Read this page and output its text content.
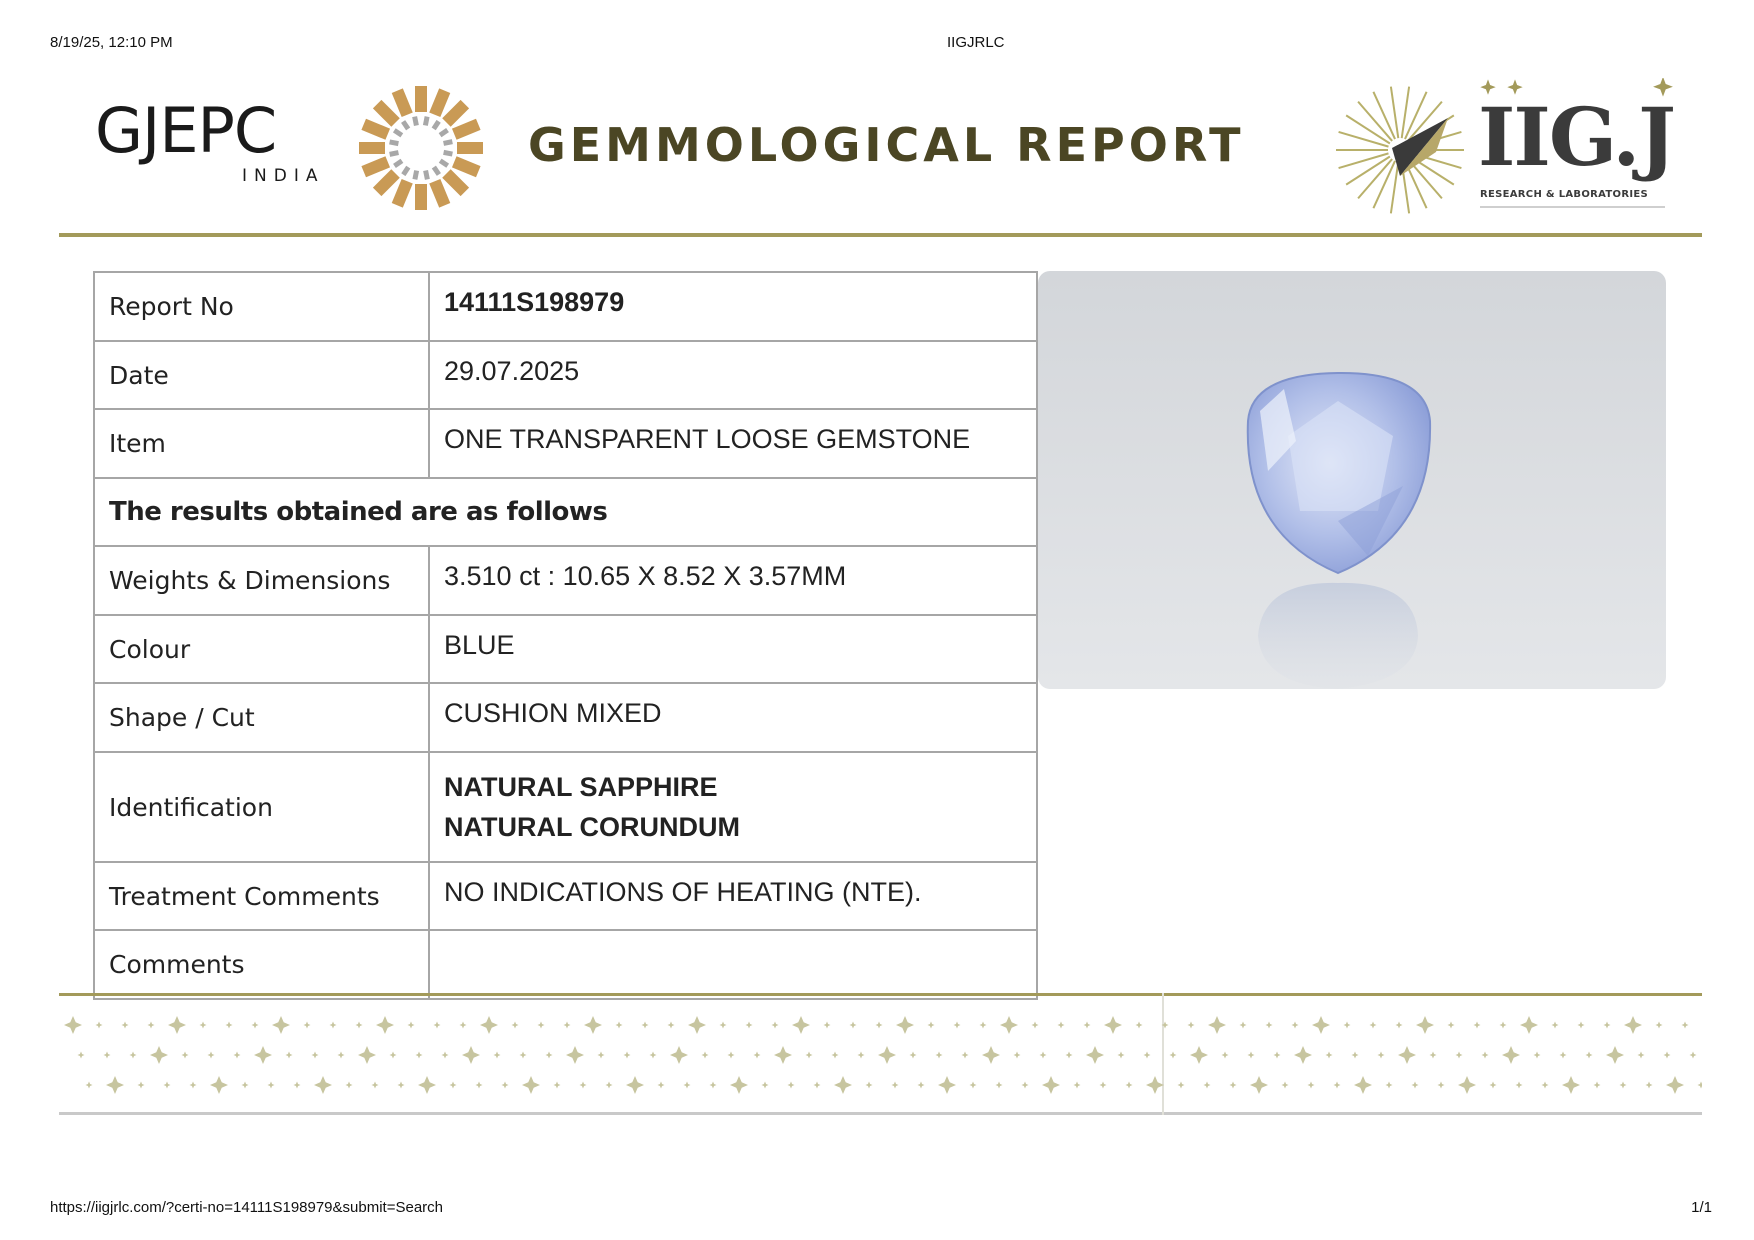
8/19/25, 12:10 PM	IIGJRLC
GJEPC
INDIA
GEMMOLOGICAL REPORT	IIG.J
RESEARCH & LABORATORIES
Report No	14111S198979
Date	29.07.2025
Item	ONE TRANSPARENT LOOSE GEMSTONE
The results obtained are as follows	
Weights & Dimensions	3.510 ct : 10.65 X 8.52 X 3.57MM
Colour	BLUE
Shape / Cut	CUSHION MIXED
Identification	NATURAL SAPPHIRE
NATURAL CORUNDUM

Treatment Comments	NO INDICATIONS OF HEATING (NTE).
Comments	
https://iigjrlc.com/?certi-no=14111S198979&submit=Search	1/1
